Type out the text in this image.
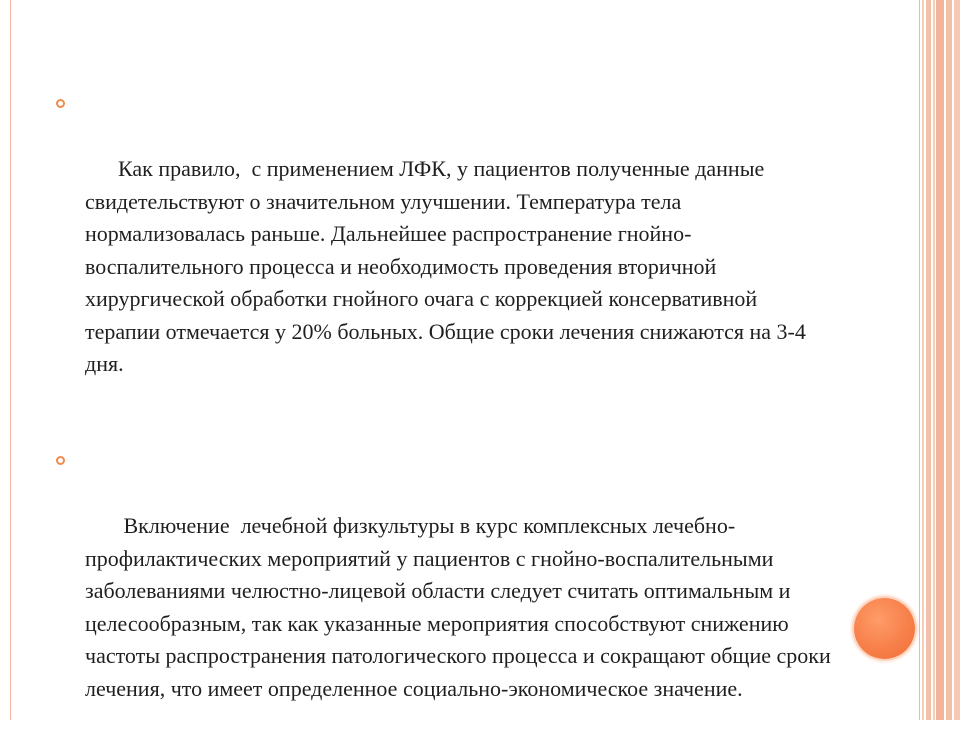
Как правило,  с применением ЛФК, у пациентов полученные данные свидетельствуют о значительном улучшении. Температура тела  нормализовалась раньше. Дальнейшее распространение гнойно-воспалительного процесса и необходимость проведения вторичной хирургической обработки гнойного очага с коррекцией консервативной терапии отмечается у 20% больных. Общие сроки лечения снижаются на 3-4 дня.

Включение  лечебной физкультуры в курс комплексных лечебно-профилактических мероприятий у пациентов с гнойно-воспалительными заболеваниями челюстно-лицевой области следует считать оптимальным и целесообразным, так как указанные мероприятия способствуют снижению частоты распространения патологического процесса и сокращают общие сроки лечения, что имеет определенное социально-экономическое значение.
